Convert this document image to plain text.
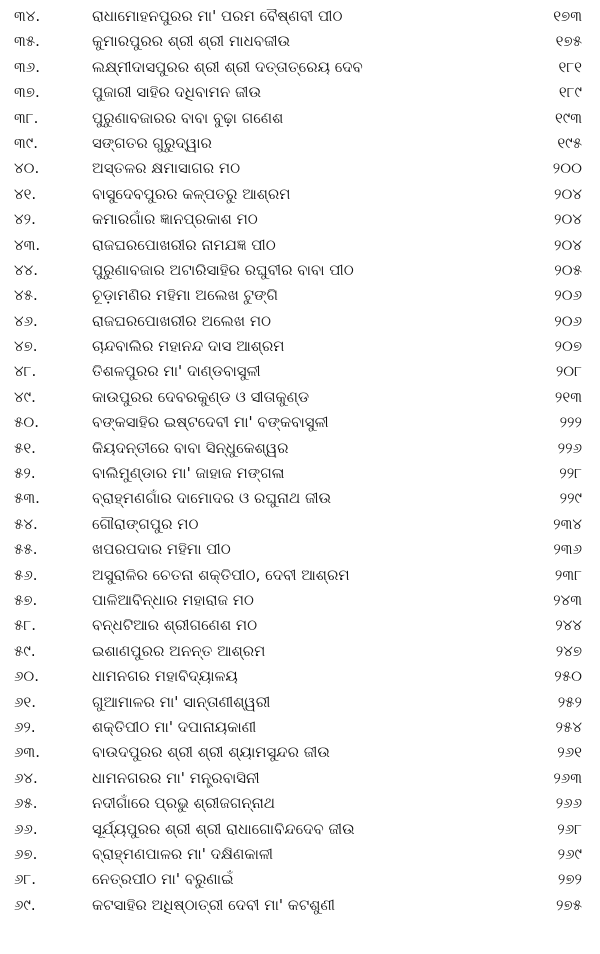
୩୪.	ରାଧାମୋହନପୁରର ମା' ପରମ ବୈଷ୍ଣବୀ ପୀଠ	୧୭୩
୩୫.	କୁମାରପୁରର ଶ୍ରୀ ଶ୍ରୀ ମାଧବଜୀଉ	୧୭୫
୩୬.	ଲକ୍ଷ୍ମୀଦାସପୁରର ଶ୍ରୀ ଶ୍ରୀ ଦତ୍ତାତ୍ରେୟ ଦେବ	୧୮୧
୩୭.	ପୁଜାରୀ ସାହିର ଦଧିବାମନ ଜୀଉ	୧୮୯
୩୮.	ପୁରୁଣାବଜାରର ବାବା ବୁଢ଼ା ଗଣେଶ	୧୯୩
୩୯.	ସଙ୍ଗତର ଗୁରୁଦ୍ୱାର	୧୯୫
୪୦.	ଅସ୍ତଳର କ୍ଷମାସାଗର ମଠ	୨୦୦
୪୧.	ବାସୁଦେବପୁରର କଳ୍ପତରୁ ଆଶ୍ରମ	୨୦୪
୪୨.	କମାରଗାଁର ଜ୍ଞାନପ୍ରକାଶ ମଠ	୨୦୪
୪୩.	ରାଜଘରପୋଖରୀର ନାମଯଜ୍ଞ ପୀଠ	୨୦୪
୪୪.	ପୁରୁଣାବଜାର ଅଟାରିସାହିର ରଘୁବୀର ବାବା ପୀଠ	୨୦୫
୪୫.	ଚୂଡ଼ାମଣିର ମହିମା ଅଲେଖ ଟୁଙ୍ଗି	୨୦୬
୪୬.	ରାଜଘରପୋଖରୀର ଅଲେଖ ମଠ	୨୦୬
୪୭.	ଚାନ୍ଦବାଲିର ମହାନନ୍ଦ ଦାସ ଆଶ୍ରମ	୨୦୭
୪୮.	ତିଶଳପୁରର ମା' ଦାଣ୍ଡବାସୁଳୀ	୨୦୮
୪୯.	କାଉପୁରର ଦେବରକୁଣ୍ଡ ଓ ସୀତାକୁଣ୍ଡ	୨୧୩
୫୦.	ବଙ୍କସାହିର ଇଷ୍ଟଦେବୀ ମା' ବଙ୍କବାସୁଳୀ	୨୨୨
୫୧.	କିୟଦନ୍ତୀରେ ବାବା ସିନ୍ଧୁକେଶ୍ୱର	୨୨୬
୫୨.	ବାଲିମୁଣ୍ଡାର ମା' ଜାହାଜ ମଙ୍ଗଳା	୨୨୮
୫୩.	ବ୍ରାହ୍ମଣଗାଁର ଦାମୋଦର ଓ ରଘୁନାଥ ଜୀଉ	୨୨୯
୫୪.	ଗୌରାଙ୍ଗପୁର ମଠ	୨୩୪
୫୫.	ଖପରପଦାର ମହିମା ପୀଠ	୨୩୬
୫୬.	ଅସୁରାଳିର ଚେତନା ଶକ୍ତିପୀଠ, ଦେବୀ ଆଶ୍ରମ	୨୩୮
୫୭.	ପାଳିଆବିନ୍ଧାର ମହାରାଜ ମଠ	୨୪୩
୫୮.	ବନ୍ଧଟିଆର ଶ୍ରୀଗଣେଶ ମଠ	୨୪୪
୫୯.	ଇଶାଣପୁରର ଅନନ୍ତ ଆଶ୍ରମ	୨୪୭
୬୦.	ଧାମନଗର ମହାବିଦ୍ୟାଳୟ	୨୫୦
୬୧.	ଗୁଆମାଳର ମା' ସାନ୍ତାଣୀଶ୍ୱରୀ	୨୫୨
୬୨.	ଶକ୍ତିପୀଠ ମା' ଦପାନାୟକାଣୀ	୨୫୪
୬୩.	ବାଉଦପୁରର ଶ୍ରୀ ଶ୍ରୀ ଶ୍ୟାମସୁନ୍ଦର ଜୀଉ	୨୬୧
୬୪.	ଧାମନଗରର ମା' ମନ୍ତ୍ରବାସିନୀ	୨୬୩
୬୫.	ନଦୀଗାଁରେ ପ୍ରଭୁ ଶ୍ରୀଜଗନ୍ନାଥ	୨୬୬
୬୬.	ସୂର୍ଯ୍ୟପୁରର ଶ୍ରୀ ଶ୍ରୀ ରାଧାଗୋବିନ୍ଦଦେବ ଜୀଉ	୨୬୮
୬୭.	ବ୍ରାହ୍ମଣପାଳର ମା' ଦକ୍ଷିଣକାଳୀ	୨୬୯
୬୮.	ନେତ୍ରପୀଠ ମା' ବରୁଣାଇଁ	୨୭୨
୬୯.	କଟସାହିର ଅଧିଷ୍ଠାତ୍ରୀ ଦେବୀ ମା' କଟଶୁଣୀ	୨୭୫
